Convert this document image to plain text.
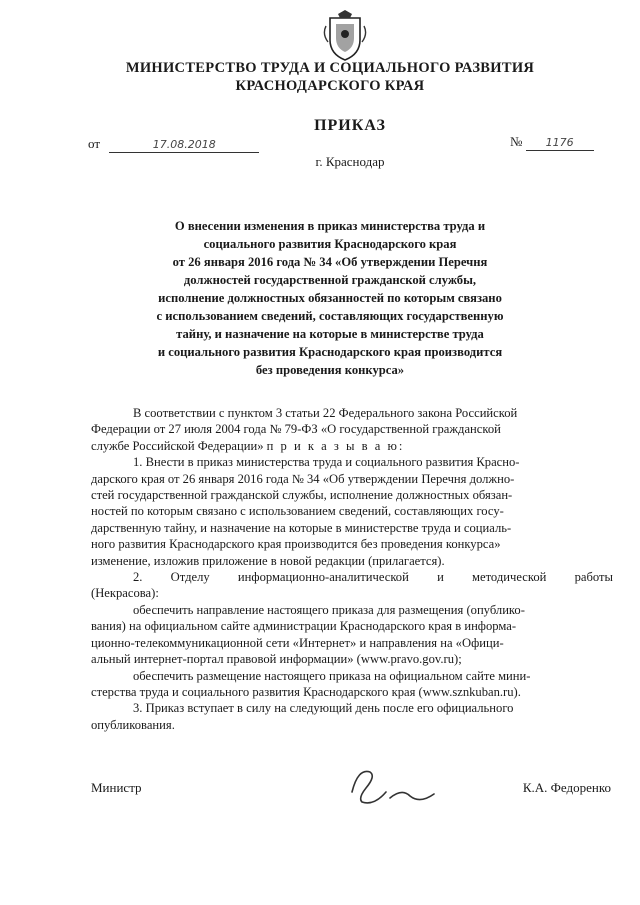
МИНИСТЕРСТВО ТРУДА И СОЦИАЛЬНОГО РАЗВИТИЯ
КРАСНОДАРСКОГО КРАЯ
ПРИКАЗ
от	17.08.2018	№ 1176
г. Краснодар
О внесении изменения в приказ министерства труда и
социального развития Краснодарского края
от 26 января 2016 года № 34 «Об утверждении Перечня
должностей государственной гражданской службы,
исполнение должностных обязанностей по которым связано
с использованием сведений, составляющих государственную
тайну, и назначение на которые в министерстве труда
и социального развития Краснодарского края производится
без проведения конкурса»
В соответствии с пунктом 3 статьи 22 Федерального закона Российской
Федерации от 27 июля 2004 года № 79-ФЗ «О государственной гражданской
службе Российской Федерации» п р и к а з ы в а ю:
1. Внести в приказ министерства труда и социального развития Красно-
дарского края от 26 января 2016 года № 34 «Об утверждении Перечня должно-
стей государственной гражданской службы, исполнение должностных обязан-
ностей по которым связано с использованием сведений, составляющих госу-
дарственную тайну, и назначение на которые в министерстве труда и социаль-
ного развития Краснодарского края производится без проведения конкурса»
изменение, изложив приложение в новой редакции (прилагается).
2. Отделу информационно-аналитической и методической работы
(Некрасова):
обеспечить направление настоящего приказа для размещения (опублико-
вания) на официальном сайте администрации Краснодарского края в информа-
ционно-телекоммуникационной сети «Интернет» и направления на «Офици-
альный интернет-портал правовой информации» (www.pravo.gov.ru);
обеспечить размещение настоящего приказа на официальном сайте мини-
стерства труда и социального развития Краснодарского края (www.sznkuban.ru).
3. Приказ вступает в силу на следующий день после его официального
опубликования.
Министр	К.А. Федоренко
